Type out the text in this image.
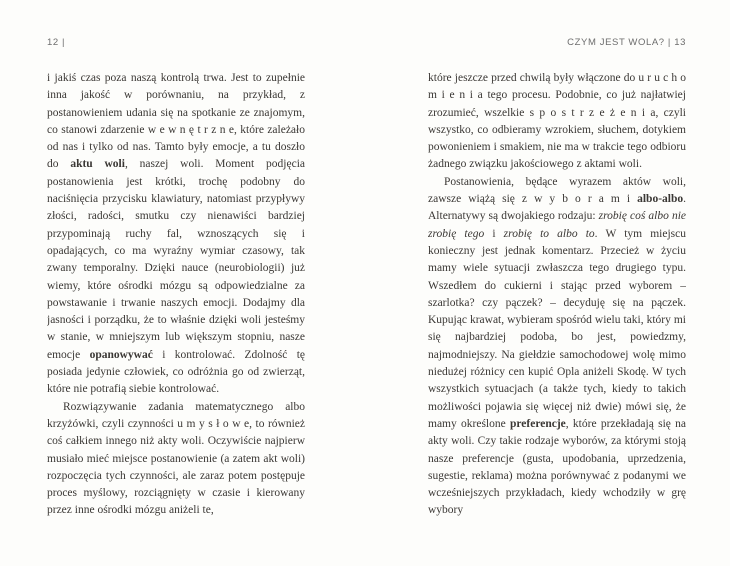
12 |

i jakiś czas poza naszą kontrolą trwa. Jest to zupełnie inna jakość w porównaniu, na przykład, z postanowieniem udania się na spotkanie ze znajomym, co stanowi zdarzenie w e w n ę t r z n e, które zależało od nas i tylko od nas. Tamto były emocje, a tu doszło do aktu woli, naszej woli. Moment podjęcia postanowienia jest krótki, trochę podobny do naciśnięcia przycisku klawiatury, natomiast przypływy złości, radości, smutku czy nienawiści bardziej przypominają ruchy fal, wznoszących się i opadających, co ma wyraźny wymiar czasowy, tak zwany temporalny. Dzięki nauce (neurobiologii) już wiemy, które ośrodki mózgu są odpowiedzialne za powstawanie i trwanie naszych emocji. Dodajmy dla jasności i porządku, że to właśnie dzięki woli jesteśmy w stanie, w mniejszym lub większym stopniu, nasze emocje opanowywać i kontrolować. Zdolność tę posiada jedynie człowiek, co odróżnia go od zwierząt, które nie potrafią siebie kontrolować.

Rozwiązywanie zadania matematycznego albo krzyżówki, czyli czynności u m y s ł o w e, to również coś całkiem innego niż akty woli. Oczywiście najpierw musiało mieć miejsce postanowienie (a zatem akt woli) rozpoczęcia tych czynności, ale zaraz potem postępuje proces myślowy, rozciągnięty w czasie i kierowany przez inne ośrodki mózgu aniżeli te,

CZYM JEST WOLA? | 13

które jeszcze przed chwilą były włączone do u r u c h o m i e n i a tego procesu. Podobnie, co już najłatwiej zrozumieć, wszelkie s p o s t r z e ż e n i a, czyli wszystko, co odbieramy wzrokiem, słuchem, dotykiem powonieniem i smakiem, nie ma w trakcie tego odbioru żadnego związku jakościowego z aktami woli.

Postanowienia, będące wyrazem aktów woli, zawsze wiążą się z w y b o r a m i albo-albo. Alternatywy są dwojakiego rodzaju: zrobię coś albo nie zrobię tego i zrobię to albo to. W tym miejscu konieczny jest jednak komentarz. Przecież w życiu mamy wiele sytuacji zwłaszcza tego drugiego typu. Wszedłem do cukierni i stając przed wyborem – szarlotka? czy pączek? – decyduję się na pączek. Kupując krawat, wybieram spośród wielu taki, który mi się najbardziej podoba, bo jest, powiedzmy, najmodniejszy. Na giełdzie samochodowej wolę mimo niedużej różnicy cen kupić Opla aniżeli Skodę. W tych wszystkich sytuacjach (a także tych, kiedy to takich możliwości pojawia się więcej niż dwie) mówi się, że mamy określone preferencje, które przekładają się na akty woli. Czy takie rodzaje wyborów, za którymi stoją nasze preferencje (gusta, upodobania, uprzedzenia, sugestie, reklama) można porównywać z podanymi we wcześniejszych przykładach, kiedy wchodziły w grę wybory
